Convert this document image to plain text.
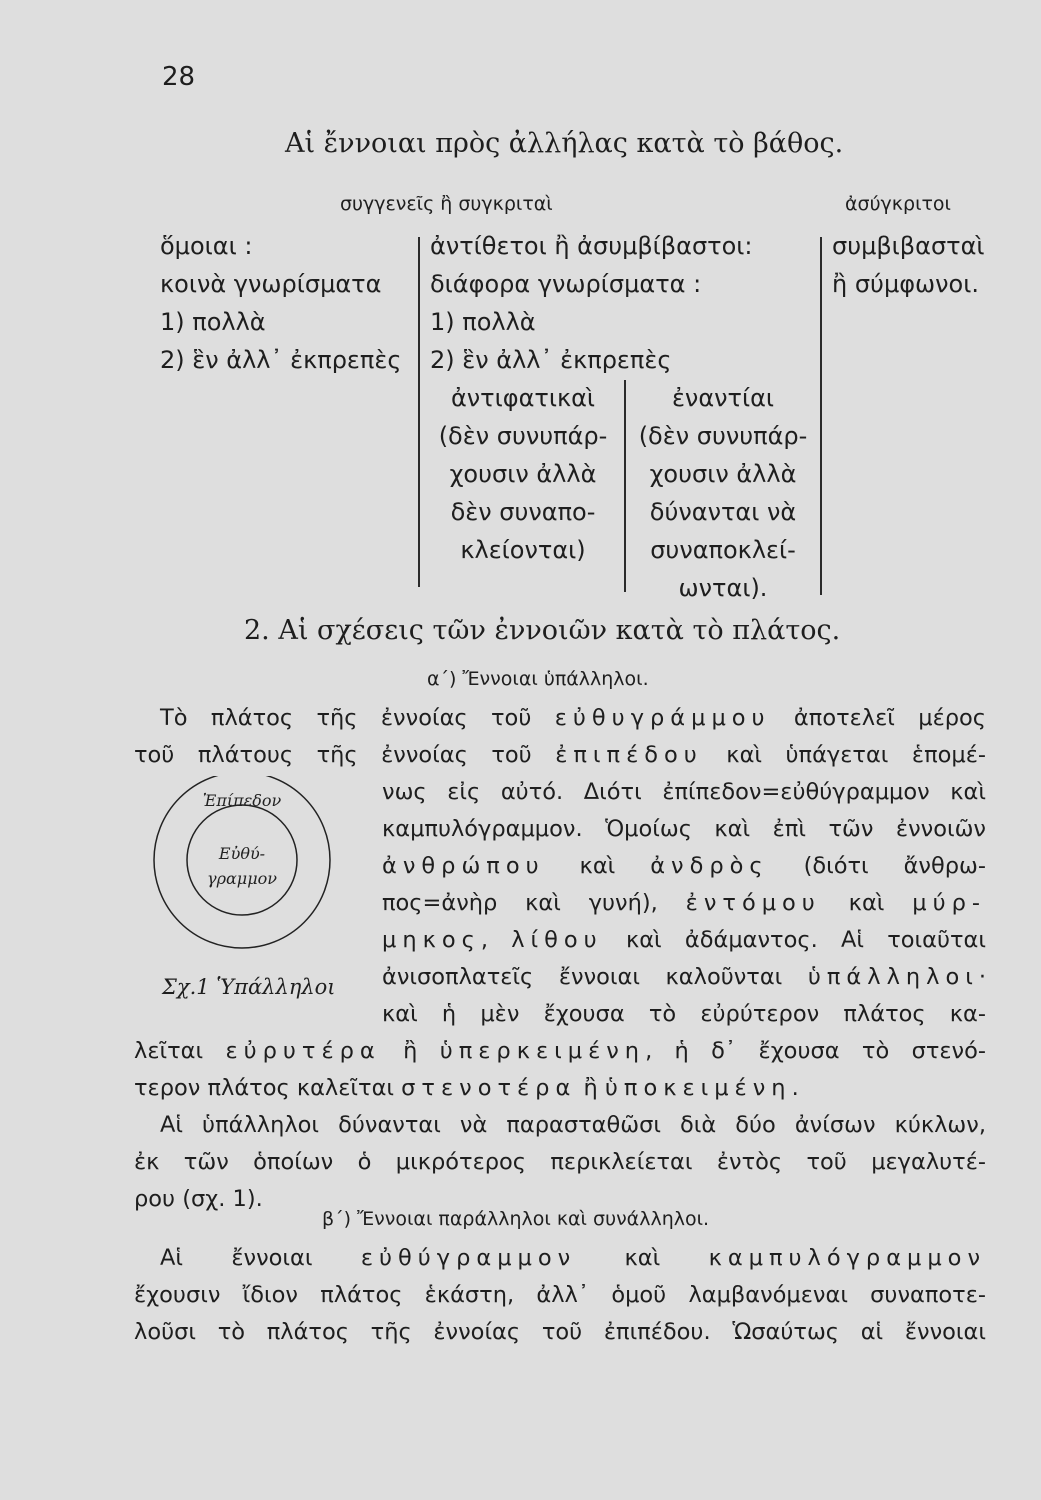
28
Αἱ ἔννοιαι πρὸς ἀλλήλας κατὰ τὸ βάθος.
συγγενεῖς ἢ συγκριταὶ	ἀσύγκριτοι
ὅμοιαι :
κοινὰ γνωρίσματα
1) πολλὰ
2) ἓν ἀλλ᾽ ἐκπρεπὲς
ἀντίθετοι ἢ ἀσυμβίβαστοι:
διάφορα γνωρίσματα :
1) πολλὰ
2) ἓν ἀλλ᾽ ἐκπρεπὲς
συμβιβασταὶ
ἢ σύμφωνοι.
ἀντιφατικαὶ
(δὲν συνυπάρ-
χουσιν ἀλλὰ
δὲν συναπο-
κλείονται)
ἐναντίαι
(δὲν συνυπάρ-
χουσιν ἀλλὰ
δύνανται νὰ
συναποκλεί-
ωνται).
2. Αἱ σχέσεις τῶν ἐννοιῶν κατὰ τὸ πλάτος.
α΄) Ἔννοιαι ὑπάλληλοι.
Τὸ πλάτος τῆς ἐννοίας τοῦ εὐθυγράμμου ἀποτελεῖ μέρος
τοῦ πλάτους τῆς ἐννοίας τοῦ ἐπιπέδου καὶ ὑπάγεται ἑπομέ-
νως εἰς αὐτό. Διότι ἐπίπεδον=εὐθύγραμμον καὶ
καμπυλόγραμμον. Ὁμοίως καὶ ἐπὶ τῶν ἐννοιῶν
ἀνθρώπου καὶ ἀνδρὸς (διότι ἄνθρω-
πος=ἀνὴρ καὶ γυνή), ἐντόμου καὶ μύρ-
μηκος, λίθου καὶ ἀδάμαντος. Αἱ τοιαῦται
ἀνισοπλατεῖς ἔννοιαι καλοῦνται ὑπάλληλοι·
καὶ ἡ μὲν ἔχουσα τὸ εὐρύτερον πλάτος κα-
λεῖται εὐρυτέρα ἢ ὑπερκειμένη, ἡ δ᾽ ἔχουσα τὸ στενό-
τερον πλάτος καλεῖται στενοτέρα ἢ ὑποκειμένη.
Αἱ ὑπάλληλοι δύνανται νὰ παρασταθῶσι διὰ δύο ἀνίσων κύκλων,
ἐκ τῶν ὁποίων ὁ μικρότερος περικλείεται ἐντὸς τοῦ μεγαλυτέ-
ρου (σχ. 1).
β΄) Ἔννοιαι παράλληλοι καὶ συνάλληλοι.
Αἱ ἔννοιαι εὐθύγραμμον καὶ καμπυλόγραμμον
ἔχουσιν ἴδιον πλάτος ἑκάστη, ἀλλ᾽ ὁμοῦ λαμβανόμεναι συναποτε-
λοῦσι τὸ πλάτος τῆς ἐννοίας τοῦ ἐπιπέδου. Ὡσαύτως αἱ ἔννοιαι
Ἐπίπεδον
Εὐθύ-
γραμμον
Σχ.1 Ὑπάλληλοι
